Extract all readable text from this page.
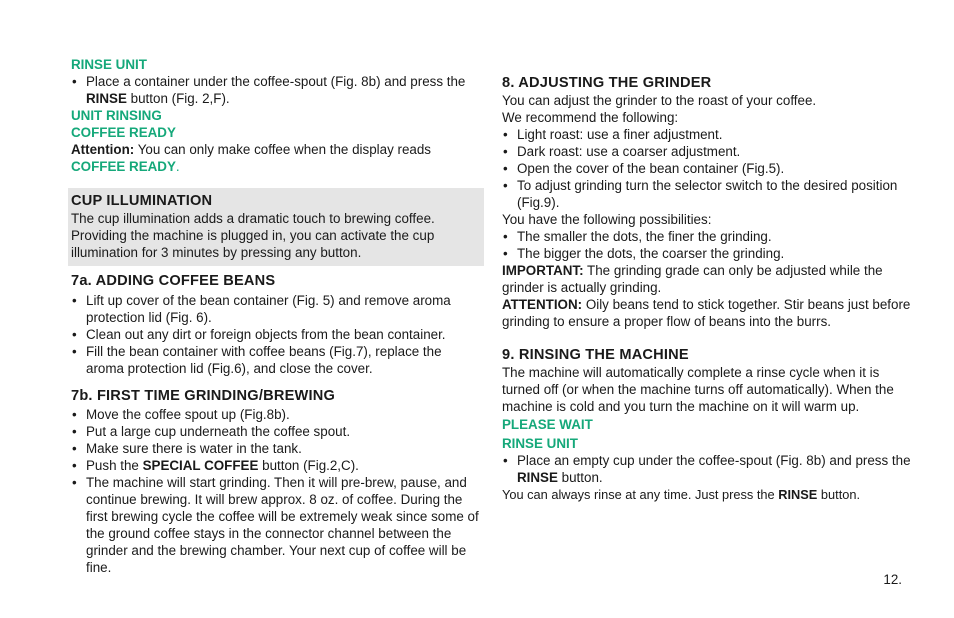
RINSE UNIT

• Place a container under the coffee-spout (Fig. 8b) and press the RINSE button (Fig. 2,F).

UNIT RINSING

COFFEE READY

Attention: You can only make coffee when the display reads COFFEE READY.

CUP ILLUMINATION

The cup illumination adds a dramatic touch to brewing coffee. Providing the machine is plugged in, you can activate the cup illumination for 3 minutes by pressing any button.

7a. ADDING COFFEE BEANS
• Lift up cover of the bean container (Fig. 5) and remove aroma protection lid (Fig. 6).
• Clean out any dirt or foreign objects from the bean container.
• Fill the bean container with coffee beans (Fig.7), replace the aroma protection lid (Fig.6), and close the cover.
7b. FIRST TIME GRINDING/BREWING
• Move the coffee spout up (Fig.8b).
• Put a large cup underneath the coffee spout.
• Make sure there is water in the tank.
• Push the SPECIAL COFFEE button (Fig.2,C).
• The machine will start grinding. Then it will pre-brew, pause, and continue brewing. It will brew approx. 8 oz. of coffee. During the first brewing cycle the coffee will be extremely weak since some of the ground coffee stays in the connector channel between the grinder and the brewing chamber. Your next cup of coffee will be fine.
8. ADJUSTING THE GRINDER

You can adjust the grinder to the roast of your coffee.

We recommend the following:

• Light roast: use a finer adjustment.
• Dark roast: use a coarser adjustment.
• Open the cover of the bean container (Fig.5).
• To adjust grinding turn the selector switch to the desired position (Fig.9).

You have the following possibilities:

• The smaller the dots, the finer the grinding.
• The bigger the dots, the coarser the grinding.

IMPORTANT: The grinding grade can only be adjusted while the grinder is actually grinding.

ATTENTION: Oily beans tend to stick together. Stir beans just before grinding to ensure a proper flow of beans into the burrs.

9. RINSING THE MACHINE

The machine will automatically complete a rinse cycle when it is turned off (or when the machine turns off automatically). When the machine is cold and you turn the machine on it will warm up.

PLEASE WAIT

RINSE UNIT

• Place an empty cup under the coffee-spout (Fig. 8b) and press the RINSE button.

You can always rinse at any time. Just press the RINSE button.

12.
